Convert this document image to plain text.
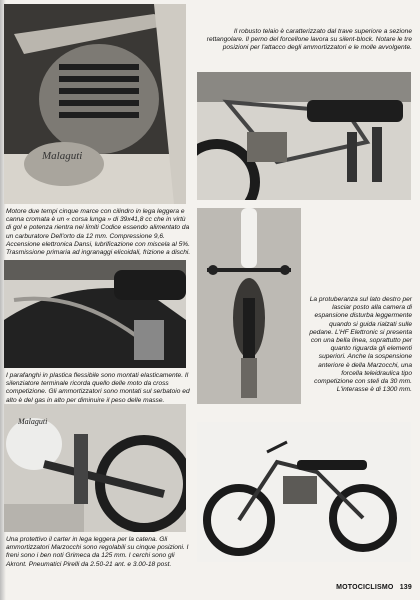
Malaguti
Il robusto telaio è caratterizzato dal trave superiore a sezione rettangolare. Il perno del forcellone lavora su silent-block. Notare le tre posizioni per l'attacco degli ammortizzatori e le molle avvolgente.
Motore due tempi cinque marce con cilindro in lega leggera e canna cromata è un « corsa lunga » di 39x41,8 cc che in virtù di gol e potenza rientra nei limiti Codice essendo alimentato da un carburatore Dell'orto da 12 mm. Compressione 9,6. Accensione elettronica Dansi, lubrificazione con miscela al 5%. Trasmissione primaria ad ingranaggi elicoidali, frizione a dischi.
La protuberanza sul lato destro per lasciar posto alla camera di espansione disturba leggermente quando si guida rialzati sulle pedane. L'HF Elettronic si presenta con una bella linea, soprattutto per quanto riguarda gli elementi superiori. Anche la sospensione anteriore è della Marzocchi, una forcella teleidraulica tipo competizione con steli da 30 mm. L'interasse è di 1300 mm.
I parafanghi in plastica flessibile sono montati elasticamente. Il silenziatore terminale ricorda quello delle moto da cross competizione. Gli ammortizzatori sono montati sul serbatoio ed alto è del gas in alto per diminuire il peso delle masse.
Malaguti
Una protettivo il carter in lega leggera per la catena. Gli ammortizzatori Marzocchi sono regolabili su cinque posizioni. I freni sono i ben noti Grimeca da 125 mm. I cerchi sono gli Akront. Pneumatici Pirelli da 2.50-21 ant. e 3.00-18 post.
MOTOCICLISMO 139
